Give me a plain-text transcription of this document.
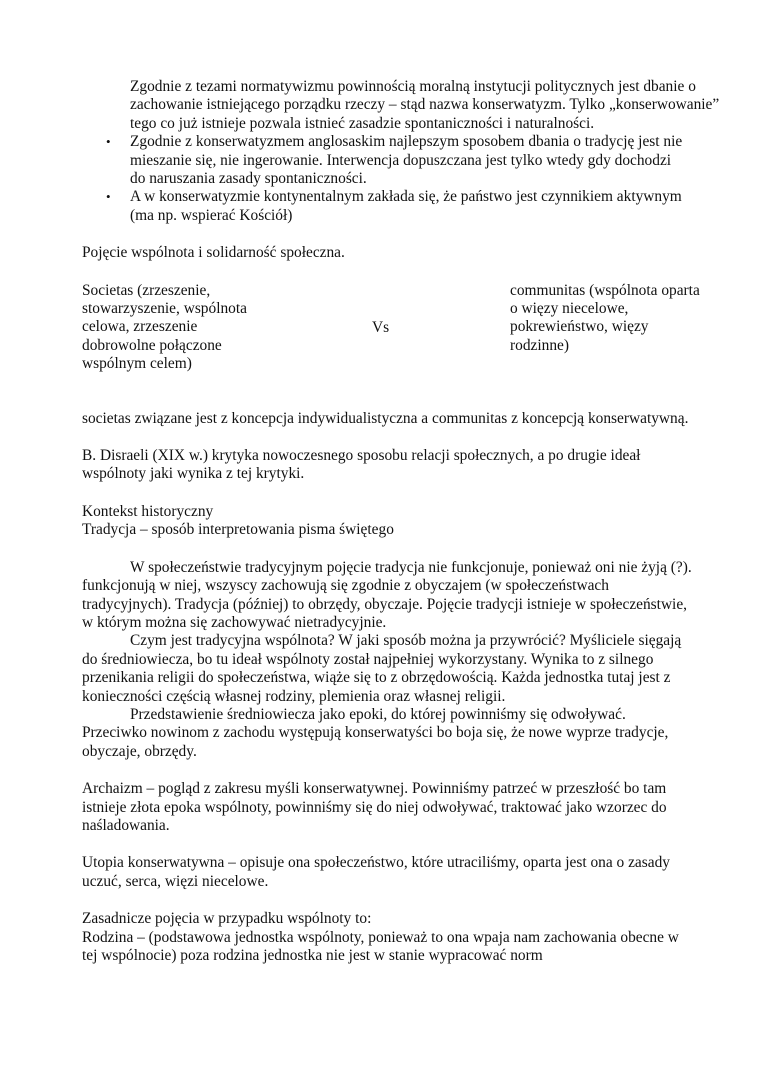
Zgodnie z tezami normatywizmu powinnością moralną instytucji politycznych jest dbanie o zachowanie istniejącego porządku rzeczy – stąd nazwa konserwatyzm. Tylko „konserwowanie” tego co już istnieje pozwala istnieć zasadzie spontaniczności i naturalności.

• Zgodnie z konserwatyzmem anglosaskim najlepszym sposobem dbania o tradycję jest nie mieszanie się, nie ingerowanie. Interwencja dopuszczana jest tylko wtedy gdy dochodzi do naruszania zasady spontaniczności.
• A w konserwatyzmie kontynentalnym zakłada się, że państwo jest czynnikiem aktywnym (ma np. wspierać Kościół)

Pojęcie wspólnota i solidarność społeczna.

Societas (zrzeszenie, stowarzyszenie, wspólnota celowa, zrzeszenie dobrowolne połączone wspólnym celem)
Vs
communitas (wspólnota oparta o więzy niecelowe, pokrewieństwo, więzy rodzinne)

societas związane jest z koncepcja indywidualistyczna a communitas z koncepcją konserwatywną.

B. Disraeli (XIX w.) krytyka nowoczesnego sposobu relacji społecznych, a po drugie ideał wspólnoty jaki wynika z tej krytyki.

Kontekst historyczny

Tradycja – sposób interpretowania pisma świętego

W społeczeństwie tradycyjnym pojęcie tradycja nie funkcjonuje, ponieważ oni nie żyją (?). funkcjonują w niej, wszyscy zachowują się zgodnie z obyczajem (w społeczeństwach tradycyjnych). Tradycja (później) to obrzędy, obyczaje. Pojęcie tradycji istnieje w społeczeństwie, w którym można się zachowywać nietradycyjnie.

Czym jest tradycyjna wspólnota? W jaki sposób można ja przywrócić? Myśliciele sięgają do średniowiecza, bo tu ideał wspólnoty został najpełniej wykorzystany. Wynika to z silnego przenikania religii do społeczeństwa, wiąże się to z obrzędowością. Każda jednostka tutaj jest z konieczności częścią własnej rodziny, plemienia oraz własnej religii.

Przedstawienie średniowiecza jako epoki, do której powinniśmy się odwoływać. Przeciwko nowinom z zachodu występują konserwatyści bo boja się, że nowe wyprze tradycje, obyczaje, obrzędy.

Archaizm – pogląd z zakresu myśli konserwatywnej. Powinniśmy patrzeć w przeszłość bo tam istnieje złota epoka wspólnoty, powinniśmy się do niej odwoływać, traktować jako wzorzec do naśladowania.

Utopia konserwatywna – opisuje ona społeczeństwo, które utraciliśmy, oparta jest ona o zasady uczuć, serca, więzi niecelowe.

Zasadnicze pojęcia w przypadku wspólnoty to:

Rodzina – (podstawowa jednostka wspólnoty, ponieważ to ona wpaja nam zachowania obecne w tej wspólnocie) poza rodzina jednostka nie jest w stanie wypracować norm
